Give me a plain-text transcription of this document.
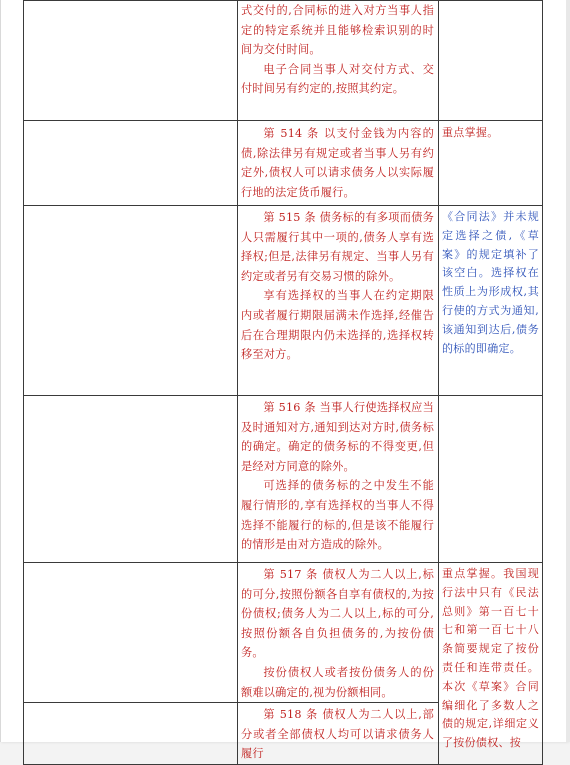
	式交付的,合同标的进入对方当事人指定的特定系统并且能够检索识别的时间为交付时间。

电子合同当事人对交付方式、交付时间另有约定的,按照其约定。	

	第 514 条 以支付金钱为内容的债,除法律另有规定或者当事人另有约定外,债权人可以请求债务人以实际履行地的法定货币履行。	重点掌握。

	第 515 条 债务标的有多项而债务人只需履行其中一项的,债务人享有选择权;但是,法律另有规定、当事人另有约定或者另有交易习惯的除外。

享有选择权的当事人在约定期限内或者履行期限届满未作选择,经催告后在合理期限内仍未选择的,选择权转移至对方。	《合同法》并未规定选择之债,《草案》的规定填补了该空白。选择权在性质上为形成权,其行使的方式为通知,该通知到达后,债务的标的即确定。

	第 516 条 当事人行使选择权应当及时通知对方,通知到达对方时,债务标的确定。确定的债务标的不得变更,但是经对方同意的除外。

可选择的债务标的之中发生不能履行情形的,享有选择权的当事人不得选择不能履行的标的,但是该不能履行的情形是由对方造成的除外。	

	第 517 条 债权人为二人以上,标的可分,按照份额各自享有债权的,为按份债权;债务人为二人以上,标的可分,按照份额各自负担债务的,为按份债务。

按份债权人或者按份债务人的份额难以确定的,视为份额相同。	重点掌握。我国现行法中只有《民法总则》第一百七十七和第一百七十八条简要规定了按份责任和连带责任。本次《草案》合同编细化了多数人之债的规定,详细定义了按份债权、按

	第 518 条 债权人为二人以上,部分或者全部债权人均可以请求债务人履行	
